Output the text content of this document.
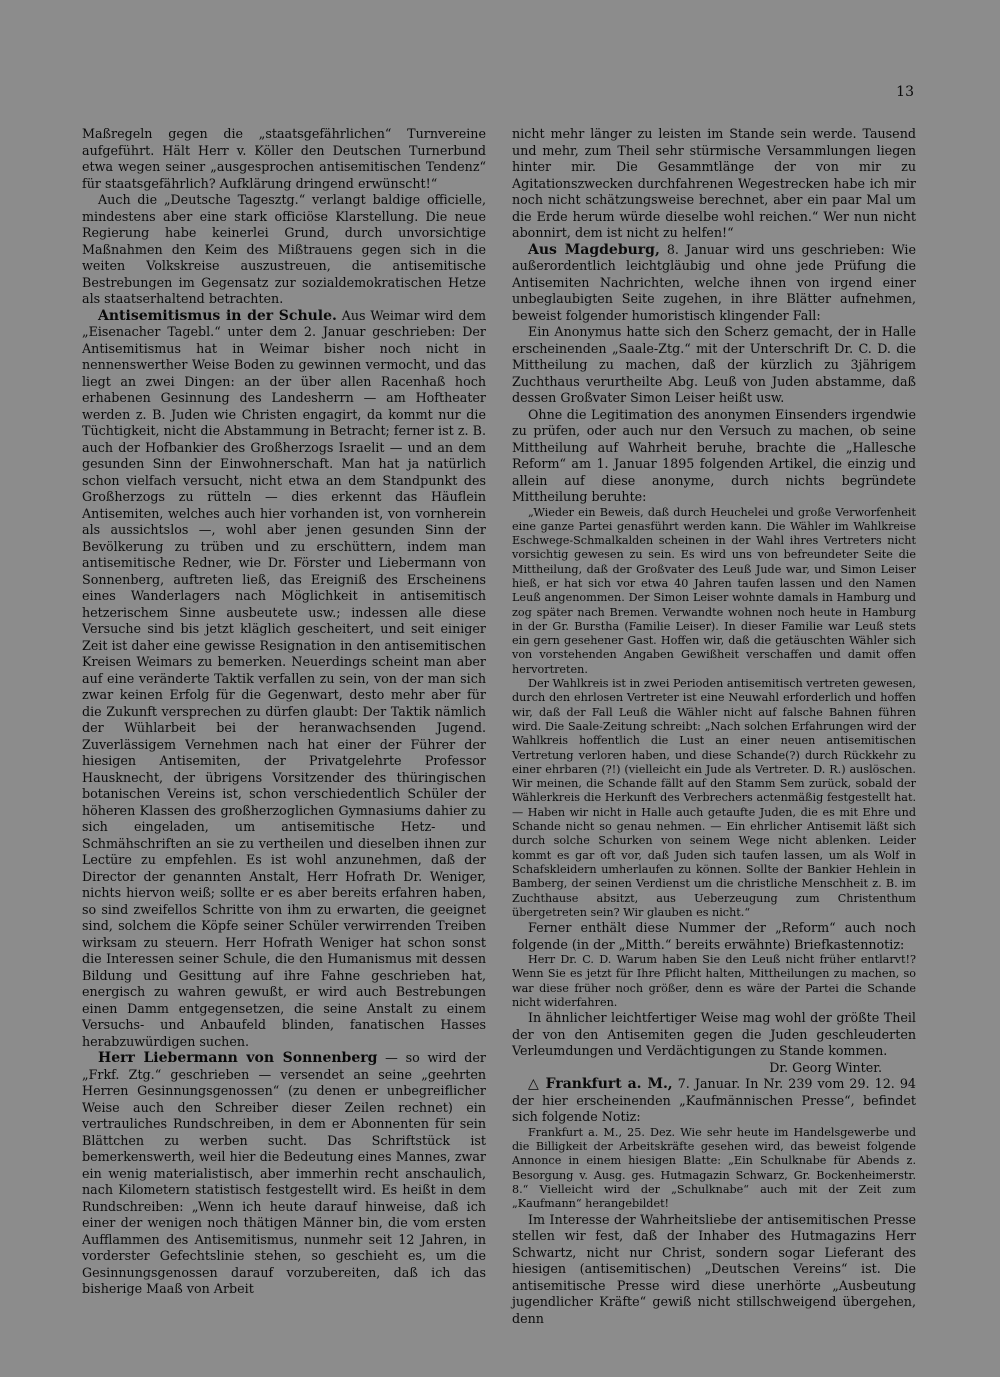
13

Maßregeln gegen die „staatsgefährlichen“ Turnvereine aufgeführt. Hält Herr v. Köller den Deutschen Turnerbund etwa wegen seiner „ausgesprochen antisemitischen Tendenz“ für staatsgefährlich? Aufklärung dringend erwünscht!“

Auch die „Deutsche Tagesztg.“ verlangt baldige officielle, mindestens aber eine stark officiöse Klarstellung. Die neue Regierung habe keinerlei Grund, durch unvorsichtige Maßnahmen den Keim des Mißtrauens gegen sich in die weiten Volkskreise auszustreuen, die antisemitische Bestrebungen im Gegensatz zur sozialdemokratischen Hetze als staatserhaltend betrachten.

Antisemitismus in der Schule. Aus Weimar wird dem „Eisenacher Tagebl.“ unter dem 2. Januar geschrieben: Der Antisemitismus hat in Weimar bisher noch nicht in nennenswerther Weise Boden zu gewinnen vermocht, und das liegt an zwei Dingen: an der über allen Racenhaß hoch erhabenen Gesinnung des Landesherrn — am Hoftheater werden z. B. Juden wie Christen engagirt, da kommt nur die Tüchtigkeit, nicht die Abstammung in Betracht; ferner ist z. B. auch der Hofbankier des Großherzogs Israelit — und an dem gesunden Sinn der Einwohnerschaft. Man hat ja natürlich schon vielfach versucht, nicht etwa an dem Standpunkt des Großherzogs zu rütteln — dies erkennt das Häuflein Antisemiten, welches auch hier vorhanden ist, von vornherein als aussichtslos —, wohl aber jenen gesunden Sinn der Bevölkerung zu trüben und zu erschüttern, indem man antisemitische Redner, wie Dr. Förster und Liebermann von Sonnenberg, auftreten ließ, das Ereigniß des Erscheinens eines Wanderlagers nach Möglichkeit in antisemitisch hetzerischem Sinne ausbeutete usw.; indessen alle diese Versuche sind bis jetzt kläglich gescheitert, und seit einiger Zeit ist daher eine gewisse Resignation in den antisemitischen Kreisen Weimars zu bemerken. Neuerdings scheint man aber auf eine veränderte Taktik verfallen zu sein, von der man sich zwar keinen Erfolg für die Gegenwart, desto mehr aber für die Zukunft versprechen zu dürfen glaubt: Der Taktik nämlich der Wühlarbeit bei der heranwachsenden Jugend. Zuverlässigem Vernehmen nach hat einer der Führer der hiesigen Antisemiten, der Privatgelehrte Professor Hausknecht, der übrigens Vorsitzender des thüringischen botanischen Vereins ist, schon verschiedentlich Schüler der höheren Klassen des großherzoglichen Gymnasiums dahier zu sich eingeladen, um antisemitische Hetz- und Schmähschriften an sie zu vertheilen und dieselben ihnen zur Lectüre zu empfehlen. Es ist wohl anzunehmen, daß der Director der genannten Anstalt, Herr Hofrath Dr. Weniger, nichts hiervon weiß; sollte er es aber bereits erfahren haben, so sind zweifellos Schritte von ihm zu erwarten, die geeignet sind, solchem die Köpfe seiner Schüler verwirrenden Treiben wirksam zu steuern. Herr Hofrath Weniger hat schon sonst die Interessen seiner Schule, die den Humanismus mit dessen Bildung und Gesittung auf ihre Fahne geschrieben hat, energisch zu wahren gewußt, er wird auch Bestrebungen einen Damm entgegensetzen, die seine Anstalt zu einem Versuchs- und Anbaufeld blinden, fanatischen Hasses herabzuwürdigen suchen.

Herr Liebermann von Sonnenberg — so wird der „Frkf. Ztg.“ geschrieben — versendet an seine „geehrten Herren Gesinnungsgenossen“ (zu denen er unbegreiflicher Weise auch den Schreiber dieser Zeilen rechnet) ein vertrauliches Rundschreiben, in dem er Abonnenten für sein Blättchen zu werben sucht. Das Schriftstück ist bemerkenswerth, weil hier die Bedeutung eines Mannes, zwar ein wenig materialistisch, aber immerhin recht anschaulich, nach Kilometern statistisch festgestellt wird. Es heißt in dem Rundschreiben: „Wenn ich heute darauf hinweise, daß ich einer der wenigen noch thätigen Männer bin, die vom ersten Aufflammen des Antisemitismus, nunmehr seit 12 Jahren, in vorderster Gefechtslinie stehen, so geschieht es, um die Gesinnungsgenossen darauf vorzubereiten, daß ich das bisherige Maaß von Arbeit

nicht mehr länger zu leisten im Stande sein werde. Tausend und mehr, zum Theil sehr stürmische Versammlungen liegen hinter mir. Die Gesammtlänge der von mir zu Agitationszwecken durchfahrenen Wegestrecken habe ich mir noch nicht schätzungsweise berechnet, aber ein paar Mal um die Erde herum würde dieselbe wohl reichen.“ Wer nun nicht abonnirt, dem ist nicht zu helfen!“

Aus Magdeburg, 8. Januar wird uns geschrieben: Wie außerordentlich leichtgläubig und ohne jede Prüfung die Antisemiten Nachrichten, welche ihnen von irgend einer unbeglaubigten Seite zugehen, in ihre Blätter aufnehmen, beweist folgender humoristisch klingender Fall:

Ein Anonymus hatte sich den Scherz gemacht, der in Halle erscheinenden „Saale-Ztg.“ mit der Unterschrift Dr. C. D. die Mittheilung zu machen, daß der kürzlich zu 3jährigem Zuchthaus verurtheilte Abg. Leuß von Juden abstamme, daß dessen Großvater Simon Leiser heißt usw.

Ohne die Legitimation des anonymen Einsenders irgendwie zu prüfen, oder auch nur den Versuch zu machen, ob seine Mittheilung auf Wahrheit beruhe, brachte die „Hallesche Reform“ am 1. Januar 1895 folgenden Artikel, die einzig und allein auf diese anonyme, durch nichts begründete Mittheilung beruhte:

„Wieder ein Beweis, daß durch Heuchelei und große Verworfenheit eine ganze Partei genasführt werden kann. Die Wähler im Wahlkreise Eschwege-Schmalkalden scheinen in der Wahl ihres Vertreters nicht vorsichtig gewesen zu sein. Es wird uns von befreundeter Seite die Mittheilung, daß der Großvater des Leuß Jude war, und Simon Leiser hieß, er hat sich vor etwa 40 Jahren taufen lassen und den Namen Leuß angenommen. Der Simon Leiser wohnte damals in Hamburg und zog später nach Bremen. Verwandte wohnen noch heute in Hamburg in der Gr. Burstha (Familie Leiser). In dieser Familie war Leuß stets ein gern gesehener Gast. Hoffen wir, daß die getäuschten Wähler sich von vorstehenden Angaben Gewißheit verschaffen und damit offen hervortreten.

Der Wahlkreis ist in zwei Perioden antisemitisch vertreten gewesen, durch den ehrlosen Vertreter ist eine Neuwahl erforderlich und hoffen wir, daß der Fall Leuß die Wähler nicht auf falsche Bahnen führen wird. Die Saale-Zeitung schreibt: „Nach solchen Erfahrungen wird der Wahlkreis hoffentlich die Lust an einer neuen antisemitischen Vertretung verloren haben, und diese Schande(?) durch Rückkehr zu einer ehrbaren (?!) (vielleicht ein Jude als Vertreter. D. R.) auslöschen. Wir meinen, die Schande fällt auf den Stamm Sem zurück, sobald der Wählerkreis die Herkunft des Verbrechers actenmäßig festgestellt hat. — Haben wir nicht in Halle auch getaufte Juden, die es mit Ehre und Schande nicht so genau nehmen. — Ein ehrlicher Antisemit läßt sich durch solche Schurken von seinem Wege nicht ablenken. Leider kommt es gar oft vor, daß Juden sich taufen lassen, um als Wolf in Schafskleidern umherlaufen zu können. Sollte der Bankier Hehlein in Bamberg, der seinen Verdienst um die christliche Menschheit z. B. im Zuchthause absitzt, aus Ueberzeugung zum Christenthum übergetreten sein? Wir glauben es nicht.“

Ferner enthält diese Nummer der „Reform“ auch noch folgende (in der „Mitth.“ bereits erwähnte) Briefkastennotiz:

Herr Dr. C. D. Warum haben Sie den Leuß nicht früher entlarvt!? Wenn Sie es jetzt für Ihre Pflicht halten, Mittheilungen zu machen, so war diese früher noch größer, denn es wäre der Partei die Schande nicht widerfahren.

In ähnlicher leichtfertiger Weise mag wohl der größte Theil der von den Antisemiten gegen die Juden geschleuderten Verleumdungen und Verdächtigungen zu Stande kommen.

Dr. Georg Winter.

△ Frankfurt a. M., 7. Januar. In Nr. 239 vom 29. 12. 94 der hier erscheinenden „Kaufmännischen Presse“, befindet sich folgende Notiz:

Frankfurt a. M., 25. Dez. Wie sehr heute im Handelsgewerbe und die Billigkeit der Arbeitskräfte gesehen wird, das beweist folgende Annonce in einem hiesigen Blatte: „Ein Schulknabe für Abends z. Besorgung v. Ausg. ges. Hutmagazin Schwarz, Gr. Bockenheimerstr. 8.“ Vielleicht wird der „Schulknabe“ auch mit der Zeit zum „Kaufmann“ herangebildet!

Im Interesse der Wahrheitsliebe der antisemitischen Presse stellen wir fest, daß der Inhaber des Hutmagazins Herr Schwartz, nicht nur Christ, sondern sogar Lieferant des hiesigen (antisemitischen) „Deutschen Vereins“ ist. Die antisemitische Presse wird diese unerhörte „Ausbeutung jugendlicher Kräfte“ gewiß nicht stillschweigend übergehen, denn
